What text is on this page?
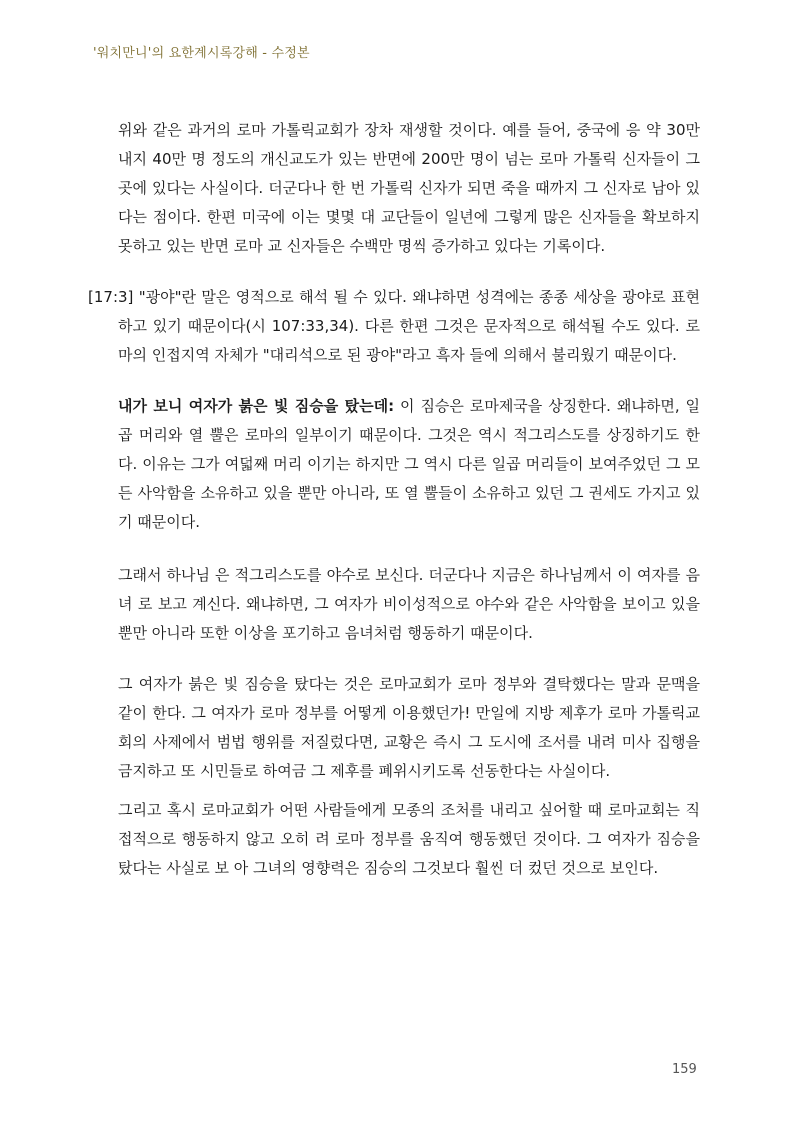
'워치만니'의 요한계시록강해 - 수정본

위와 같은 과거의 로마 가톨릭교회가 장차 재생할 것이다. 예를 들어, 중국에 응 약 30만 내지 40만 명 정도의 개신교도가 있는 반면에 200만 명이 넘는 로마 가톨릭 신자들이 그곳에 있다는 사실이다. 더군다나 한 번 가톨릭 신자가 되면 죽을 때까지 그 신자로 남아 있다는 점이다. 한편 미국에 이는 몇몇 대 교단들이 일년에 그렇게 많은 신자들을 확보하지 못하고 있는 반면 로마 교 신자들은 수백만 명씩 증가하고 있다는 기록이다.

[17:3] "광야"란 말은 영적으로 해석 될 수 있다. 왜냐하면 성격에는 종종 세상을 광야로 표현하고 있기 때문이다(시 107:33,34). 다른 한편 그것은 문자적으로 해석될 수도 있다. 로마의 인접지역 자체가 "대리석으로 된 광야"라고 흑자 들에 의해서 불리웠기 때문이다.

내가 보니 여자가 붉은 빛 짐승을 탔는데: 이 짐승은 로마제국을 상징한다. 왜냐하면, 일곱 머리와 열 뿔은 로마의 일부이기 때문이다. 그것은 역시 적그리스도를 상징하기도 한다. 이유는 그가 여덟째 머리 이기는 하지만 그 역시 다른 일곱 머리들이 보여주었던 그 모든 사악함을 소유하고 있을 뿐만 아니라, 또 열 뿔들이 소유하고 있던 그 권세도 가지고 있기 때문이다.

그래서 하나님 은 적그리스도를 야수로 보신다. 더군다나 지금은 하나님께서 이 여자를 음녀 로 보고 계신다. 왜냐하면, 그 여자가 비이성적으로 야수와 같은 사악함을 보이고 있을 뿐만 아니라 또한 이상을 포기하고 음녀처럼 행동하기 때문이다.

그 여자가 붉은 빛 짐승을 탔다는 것은 로마교회가 로마 정부와 결탁했다는 말과 문맥을 같이 한다. 그 여자가 로마 정부를 어떻게 이용했던가! 만일에 지방 제후가 로마 가톨릭교회의 사제에서 범법 행위를 저질렀다면, 교황은 즉시 그 도시에 조서를 내려 미사 집행을 금지하고 또 시민들로 하여금 그 제후를 폐위시키도록 선동한다는 사실이다.

그리고 혹시 로마교회가 어떤 사람들에게 모종의 조처를 내리고 싶어할 때 로마교회는 직접적으로 행동하지 않고 오히 려 로마 정부를 움직여 행동했던 것이다. 그 여자가 짐승을 탔다는 사실로 보 아 그녀의 영향력은 짐승의 그것보다 훨씬 더 컸던 것으로 보인다.

159
